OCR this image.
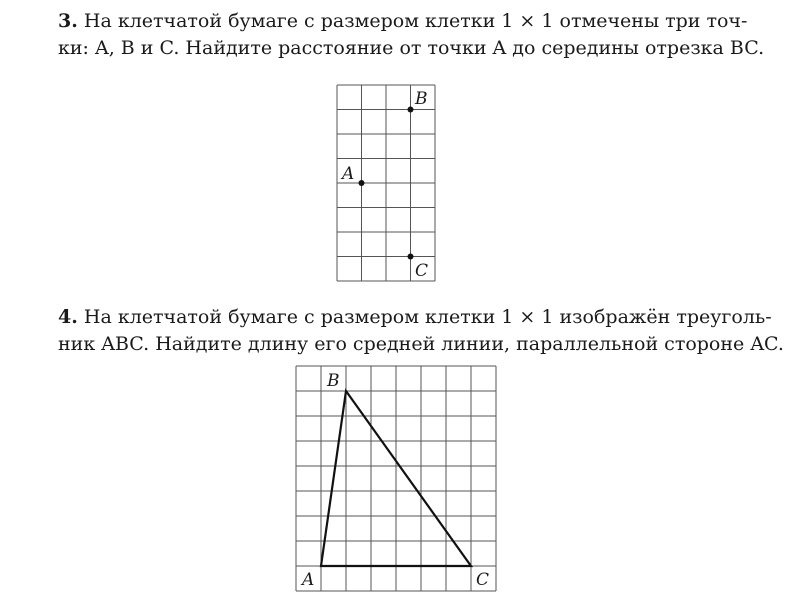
3. На клетчатой бумаге с размером клетки 1 × 1 отмечены три точ-
ки: A, B и C. Найдите расстояние от точки A до середины отрезка BC.
B
A
C
4. На клетчатой бумаге с размером клетки 1 × 1 изображён треуголь-
ник ABC. Найдите длину его средней линии, параллельной стороне AC.
B
A	C
